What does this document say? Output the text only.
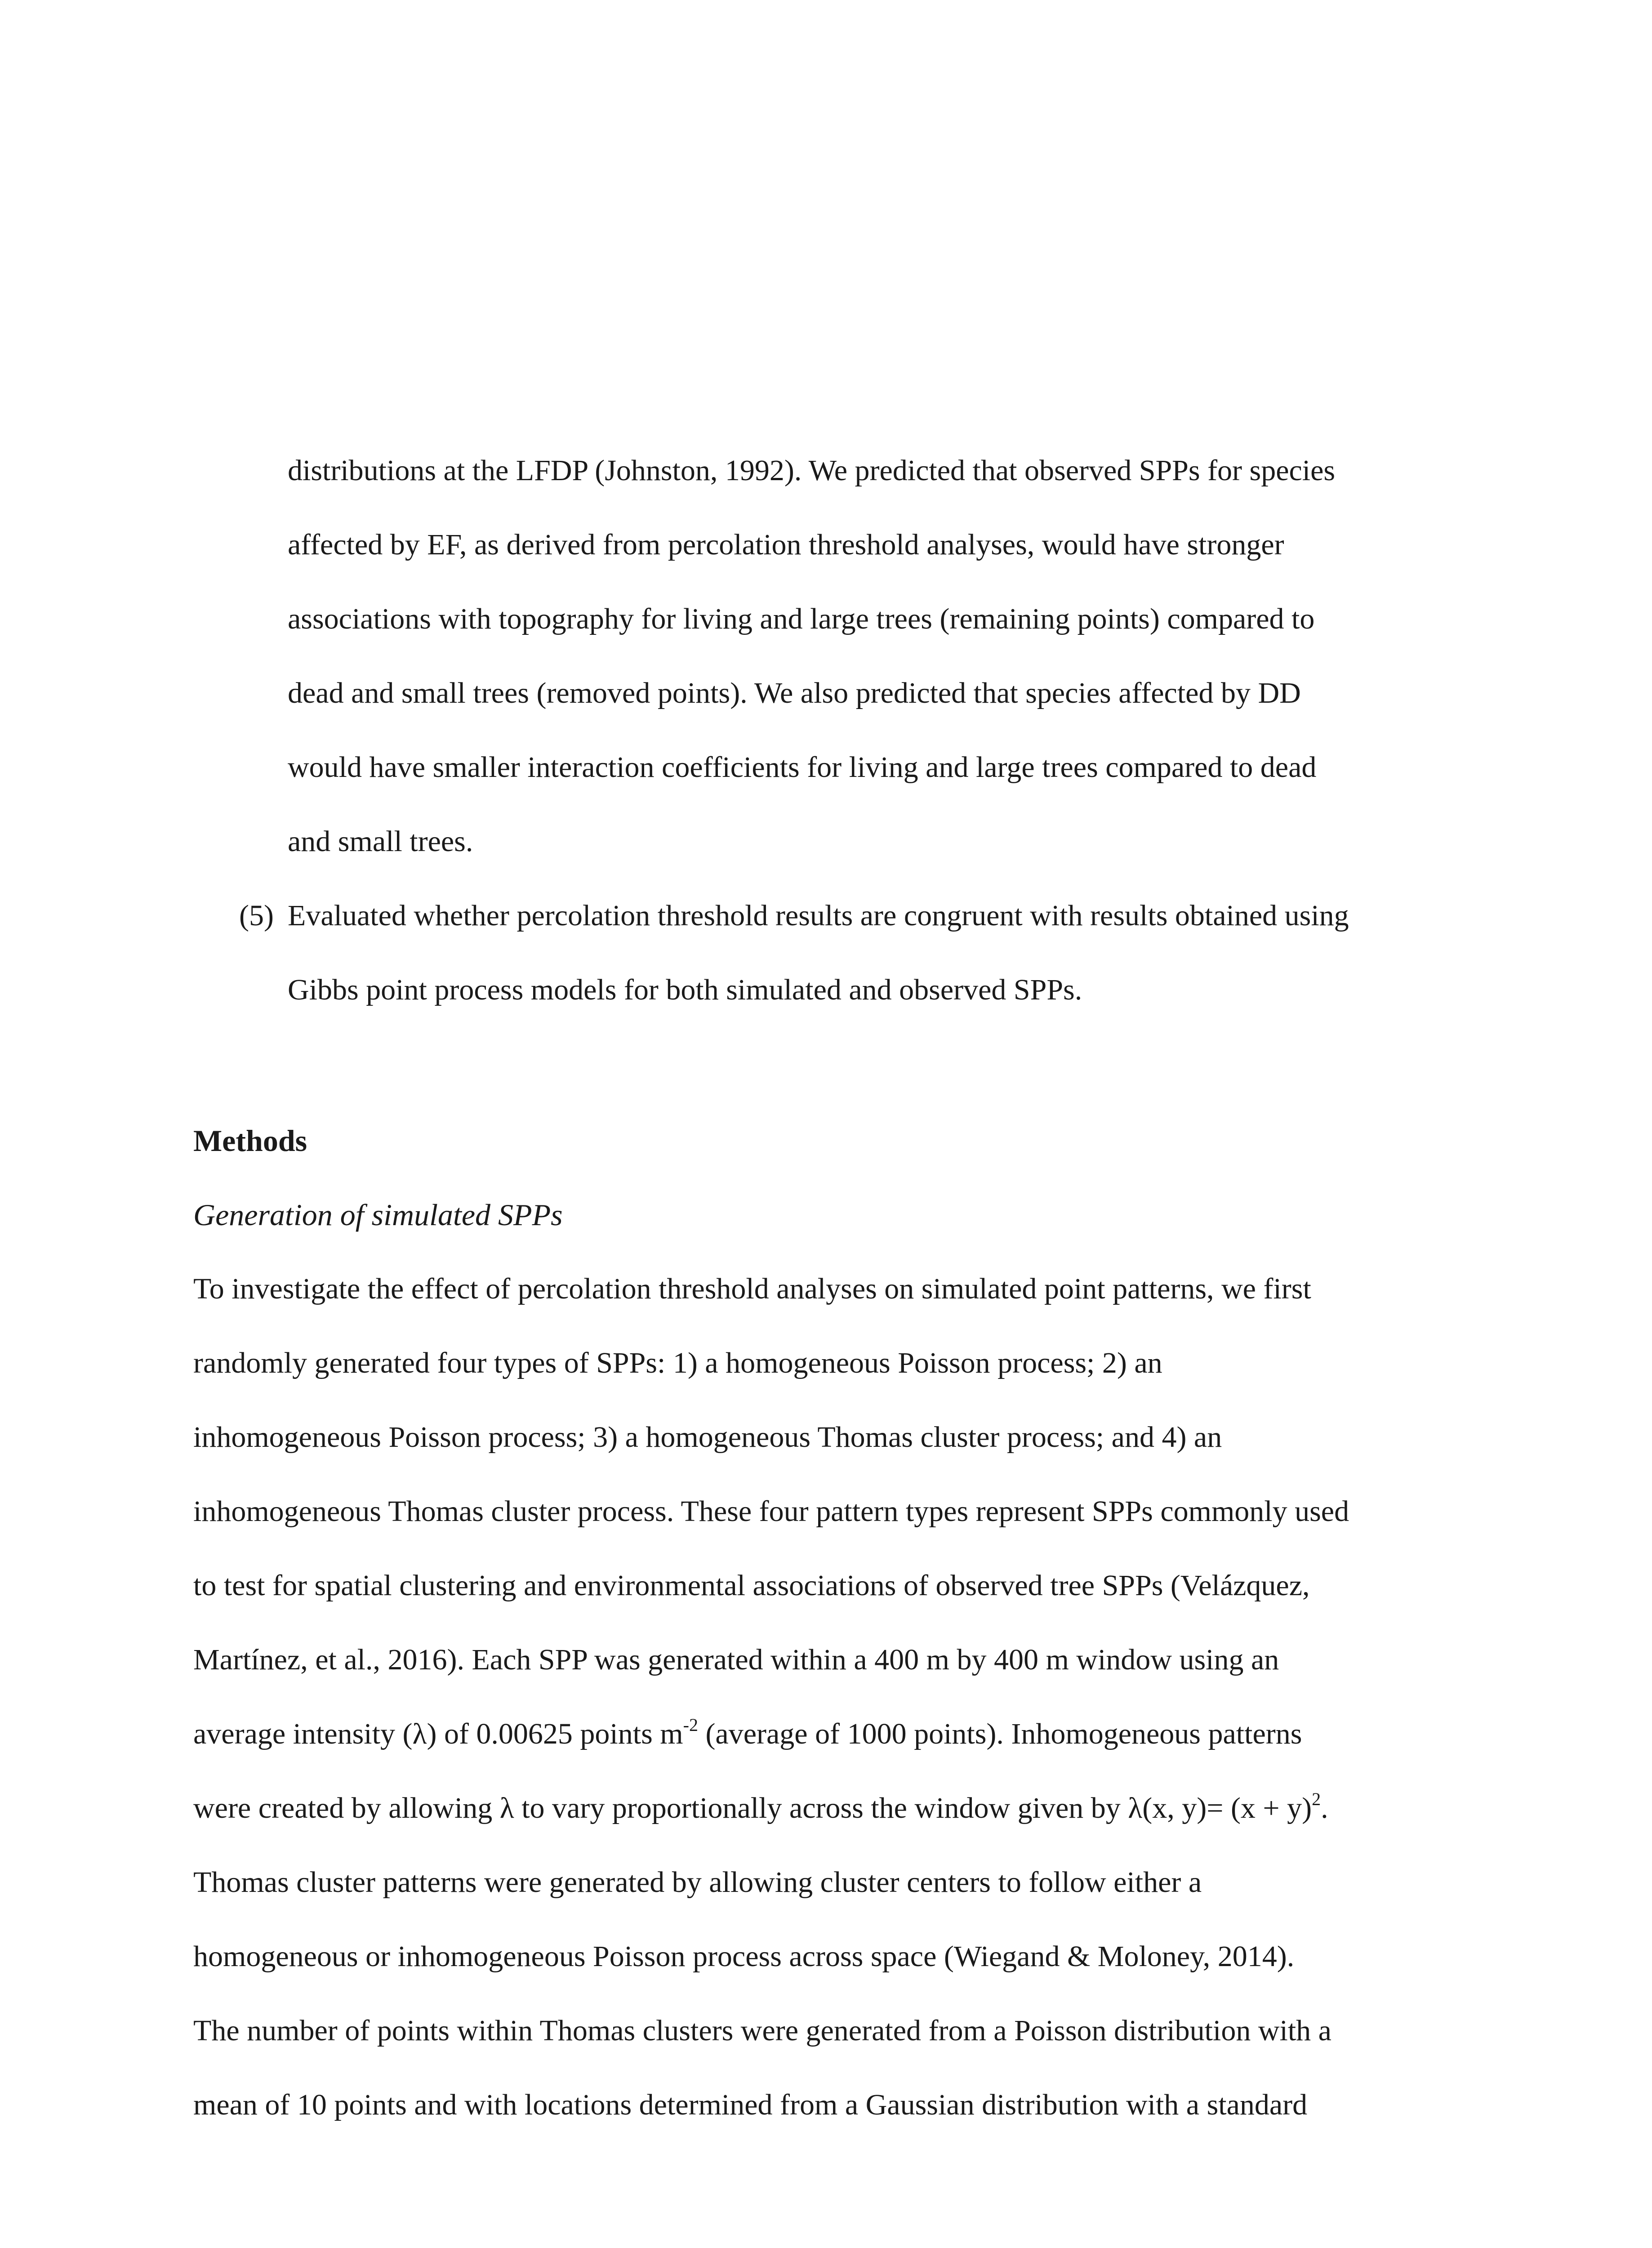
distributions at the LFDP (Johnston, 1992). We predicted that observed SPPs for species
affected by EF, as derived from percolation threshold analyses, would have stronger
associations with topography for living and large trees (remaining points) compared to
dead and small trees (removed points). We also predicted that species affected by DD
would have smaller interaction coefficients for living and large trees compared to dead
and small trees.
(5) Evaluated whether percolation threshold results are congruent with results obtained using
Gibbs point process models for both simulated and observed SPPs.
Methods
Generation of simulated SPPs
To investigate the effect of percolation threshold analyses on simulated point patterns, we first
randomly generated four types of SPPs: 1) a homogeneous Poisson process; 2) an
inhomogeneous Poisson process; 3) a homogeneous Thomas cluster process; and 4) an
inhomogeneous Thomas cluster process. These four pattern types represent SPPs commonly used
to test for spatial clustering and environmental associations of observed tree SPPs (Velázquez,
Martínez, et al., 2016). Each SPP was generated within a 400 m by 400 m window using an
average intensity (λ) of 0.00625 points $m^{-2}$ (average of 1000 points). Inhomogeneous patterns
were created by allowing λ to vary proportionally across the window given by λ(x, $y)= (x + y)^2$.
Thomas cluster patterns were generated by allowing cluster centers to follow either a
homogeneous or inhomogeneous Poisson process across space (Wiegand & Moloney, 2014).
The number of points within Thomas clusters were generated from a Poisson distribution with a
mean of 10 points and with locations determined from a Gaussian distribution with a standard
